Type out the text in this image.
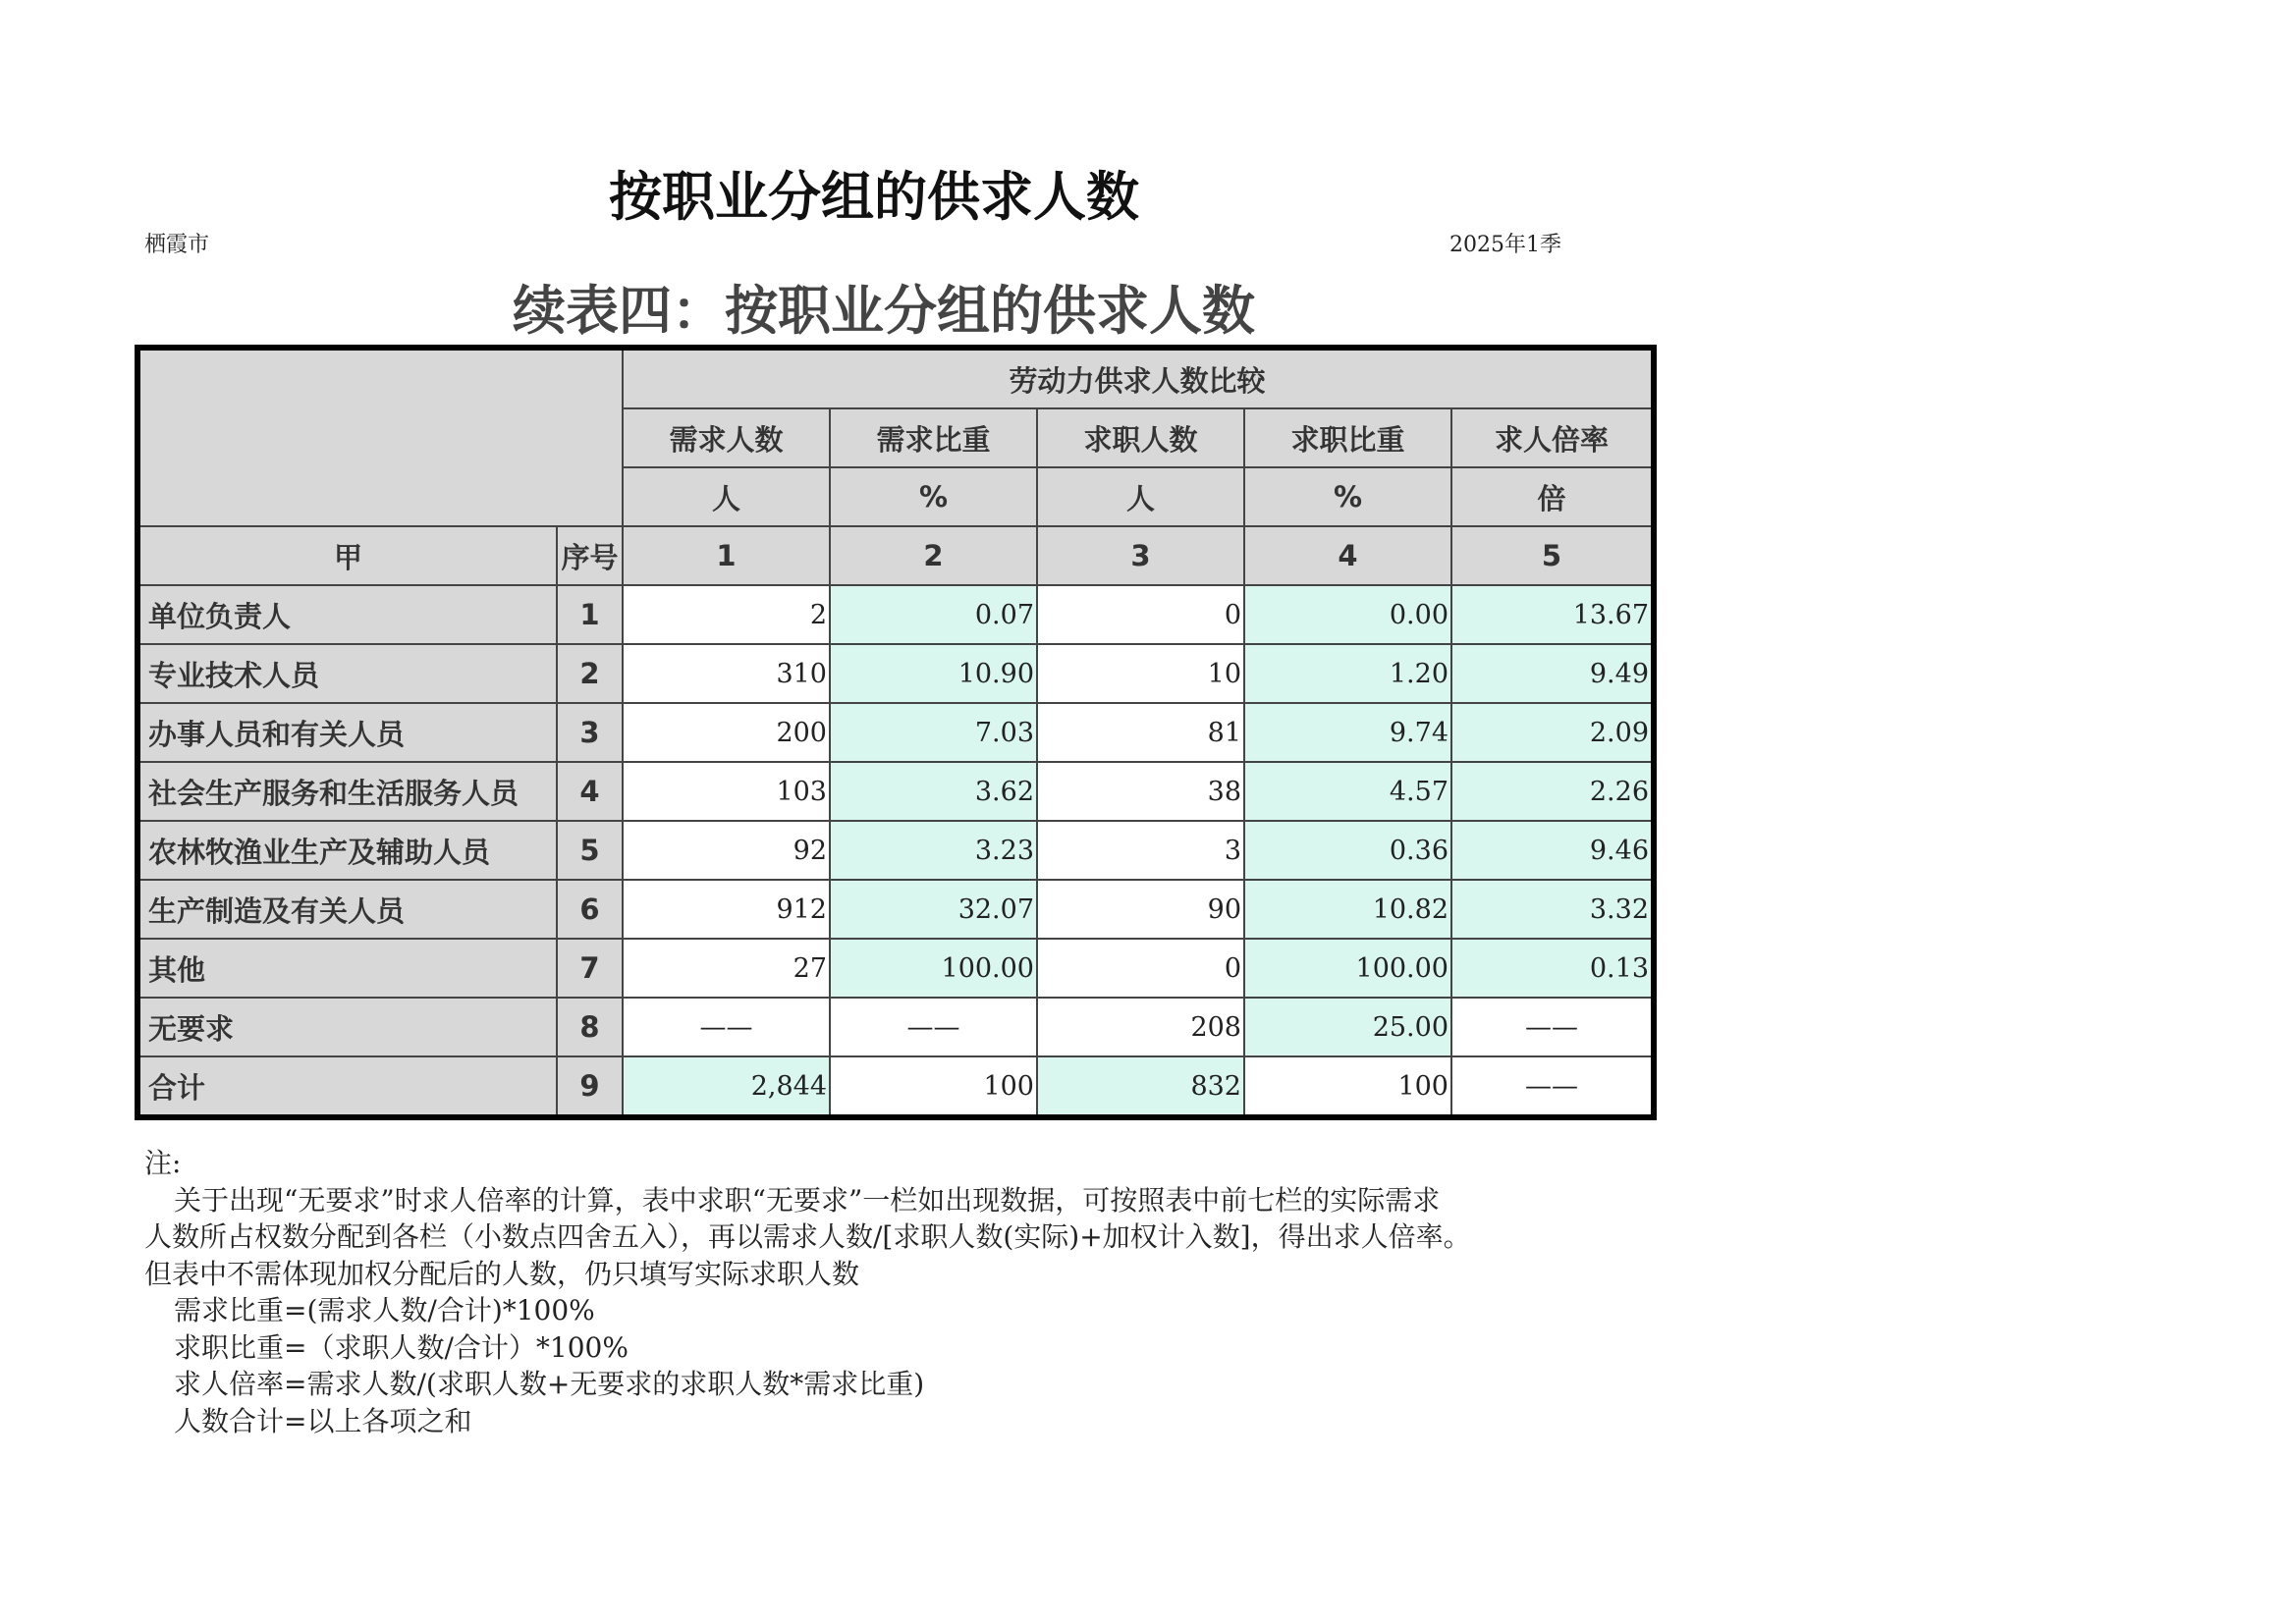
按职业分组的供求人数
栖霞市	2025年1季
续表四：按职业分组的供求人数
		劳动力供求人数比较				
		需求人数	需求比重	求职人数	求职比重	求人倍率
		人	%	人	%	倍
甲	序号	1	2	3	4	5
单位负责人	1	2	0.07	0	0.00	13.67
专业技术人员	2	310	10.90	10	1.20	9.49
办事人员和有关人员	3	200	7.03	81	9.74	2.09
社会生产服务和生活服务人员	4	103	3.62	38	4.57	2.26
农林牧渔业生产及辅助人员	5	92	3.23	3	0.36	9.46
生产制造及有关人员	6	912	32.07	90	10.82	3.32
其他	7	27	100.00	0	100.00	0.13
无要求	8	——	——	208	25.00	——
合计	9	2,844	100	832	100	——
注:
关于出现“无要求”时求人倍率的计算，表中求职“无要求”一栏如出现数据，可按照表中前七栏的实际需求
人数所占权数分配到各栏（小数点四舍五入），再以需求人数/[求职人数(实际)+加权计入数]，得出求人倍率。
但表中不需体现加权分配后的人数，仍只填写实际求职人数
需求比重=(需求人数/合计)*100%
求职比重=（求职人数/合计）*100%
求人倍率=需求人数/(求职人数+无要求的求职人数*需求比重)
人数合计=以上各项之和
